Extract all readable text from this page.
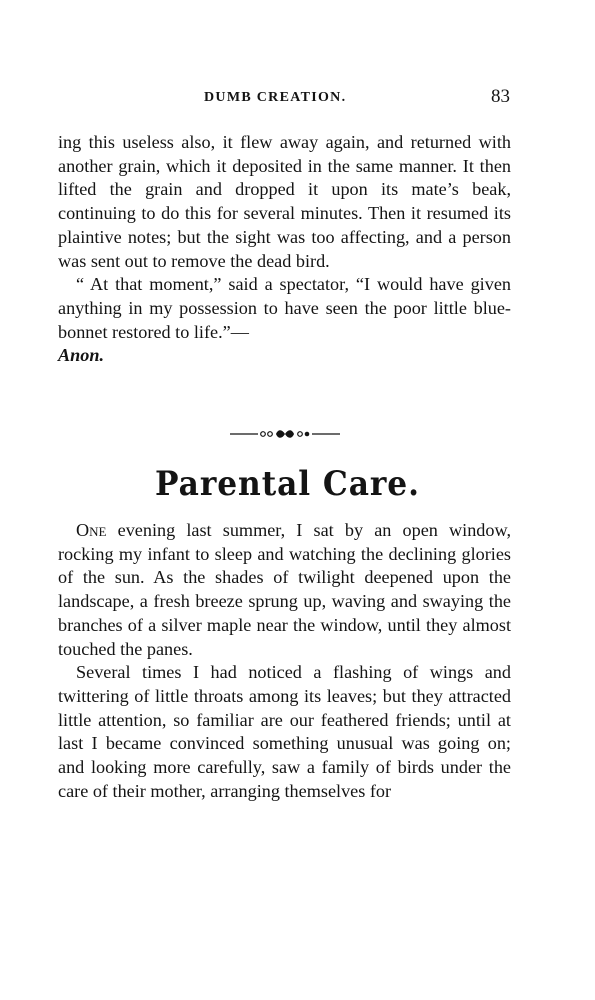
DUMB CREATION.	83

ing this useless also, it flew away again, and returned with another grain, which it deposited in the same manner. It then lifted the grain and dropped it upon its mate’s beak, continuing to do this for several minutes. Then it resumed its plaintive notes; but the sight was too affecting, and a person was sent out to remove the dead bird.

“ At that moment,” said a spectator, “I would have given anything in my possession to have seen the poor little blue-bonnet restored to life.”—

Anon.

Parental Care.

One evening last summer, I sat by an open window, rocking my infant to sleep and watching the declining glories of the sun. As the shades of twilight deepened upon the landscape, a fresh breeze sprung up, waving and swaying the branches of a silver maple near the window, until they almost touched the panes.

Several times I had noticed a flashing of wings and twittering of little throats among its leaves; but they attracted little attention, so familiar are our feathered friends; until at last I became convinced something unusual was going on; and looking more carefully, saw a family of birds under the care of their mother, arranging themselves for
